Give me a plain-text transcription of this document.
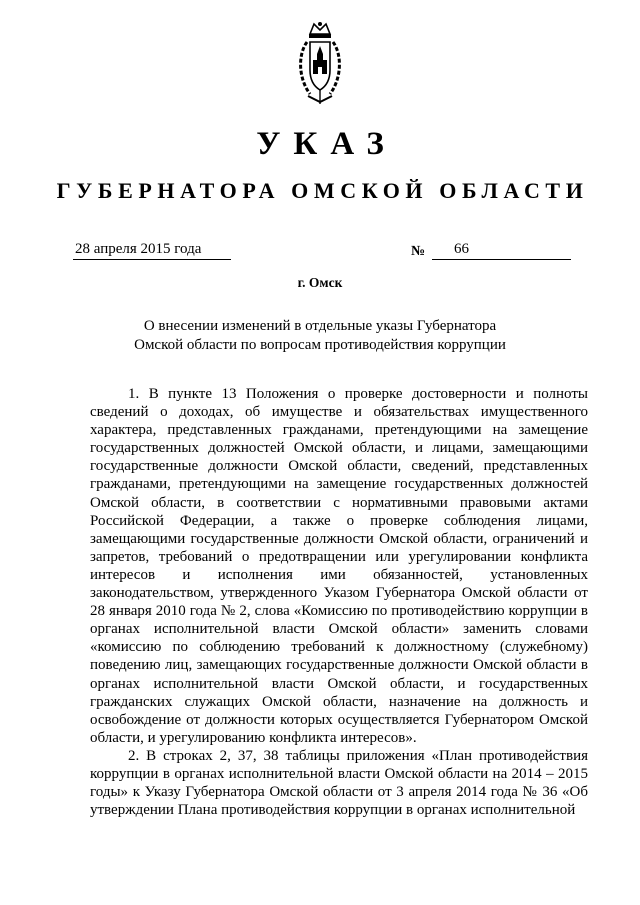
УКАЗ
ГУБЕРНАТОРА ОМСКОЙ ОБЛАСТИ
28 апреля 2015 года	№	66
г. Омск
О внесении изменений в отдельные указы Губернатора Омской области по вопросам противодействия коррупции

1. В пункте 13 Положения о проверке достоверности и полноты сведений о доходах, об имуществе и обязательствах имущественного характера, представленных гражданами, претендующими на замещение государственных должностей Омской области, и лицами, замещающими государственные должности Омской области, сведений, представленных гражданами, претендующими на замещение государственных должностей Омской области, в соответствии с нормативными правовыми актами Российской Федерации, а также о проверке соблюдения лицами, замещающими государственные должности Омской области, ограничений и запретов, требований о предотвращении или урегулировании конфликта интересов и исполнения ими обязанностей, установленных законодательством, утвержденного Указом Губернатора Омской области от 28 января 2010 года № 2, слова «Комиссию по противодействию коррупции в органах исполнительной власти Омской области» заменить словами «комиссию по соблюдению требований к должностному (служебному) поведению лиц, замещающих государственные должности Омской области в органах исполнительной власти Омской области, и государственных гражданских служащих Омской области, назначение на должность и освобождение от должности которых осуществляется Губернатором Омской области, и урегулированию конфликта интересов».

2. В строках 2, 37, 38 таблицы приложения «План противодействия коррупции в органах исполнительной власти Омской области на 2014 – 2015 годы» к Указу Губернатора Омской области от 3 апреля 2014 года № 36 «Об утверждении Плана противодействия коррупции в органах исполнительной
